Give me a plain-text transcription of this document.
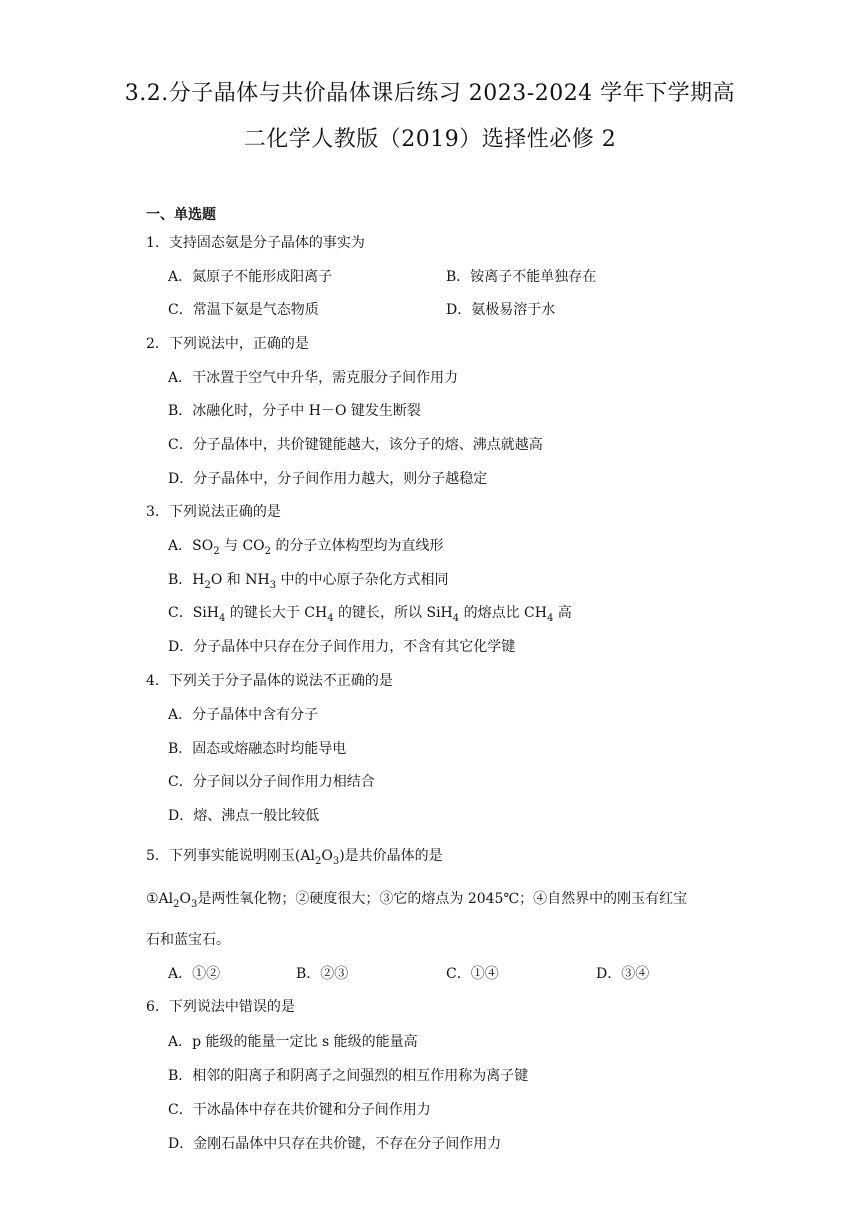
3.2.分子晶体与共价晶体课后练习 2023-2024 学年下学期高
二化学人教版（2019）选择性必修 2
一、单选题
1．支持固态氨是分子晶体的事实为
A．氮原子不能形成阳离子	B．铵离子不能单独存在
C．常温下氨是气态物质	D．氨极易溶于水
2．下列说法中，正确的是
A．干冰置于空气中升华，需克服分子间作用力
B．冰融化时，分子中 H－O 键发生断裂
C．分子晶体中，共价键键能越大，该分子的熔、沸点就越高
D．分子晶体中，分子间作用力越大，则分子越稳定
3．下列说法正确的是
A．$SO_2$ 与 $CO_2$ 的分子立体构型均为直线形
B．$H_2O$ 和 $NH_3$ 中的中心原子杂化方式相同
C．SiH$_4$ 的键长大于 $CH_4$ 的键长，所以 SiH$_4$ 的熔点比 $CH_4$ 高
D．分子晶体中只存在分子间作用力，不含有其它化学键
4．下列关于分子晶体的说法不正确的是
A．分子晶体中含有分子
B．固态或熔融态时均能导电
C．分子间以分子间作用力相结合
D．熔、沸点一般比较低
5．下列事实能说明刚玉$(Al_2O_3)$是共价晶体的是
$①Al_2O_3$是两性氧化物；②硬度很大；③它的熔点为 2045℃；④自然界中的刚玉有红宝
石和蓝宝石。
A．①②	B．②③	C．①④	D．③④
6．下列说法中错误的是
A．p 能级的能量一定比 s 能级的能量高
B．相邻的阳离子和阴离子之间强烈的相互作用称为离子键
C．干冰晶体中存在共价键和分子间作用力
D．金刚石晶体中只存在共价键，不存在分子间作用力
